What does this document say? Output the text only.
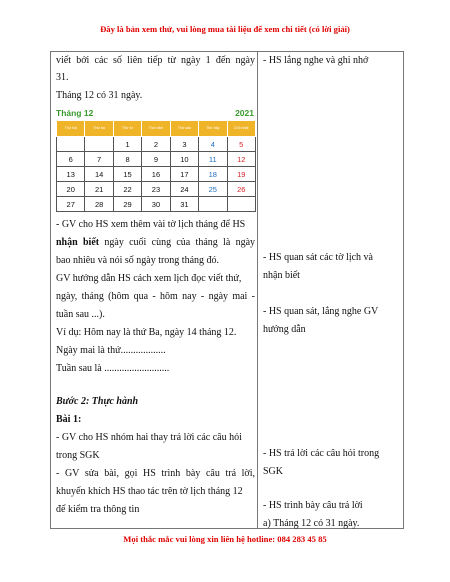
Đây là bản xem thử, vui lòng mua tài liệu để xem chi tiết (có lời giải)
viết bởi các số liên tiếp từ ngày 1 đến ngày
31.
Tháng 12 có 31 ngày.
Tháng 12	2021
Thứ hai	Thứ ba	Thứ tư	Thứ năm	Thứ sáu	Thứ bảy	Chủ nhật
		1	2	3	4	5
6	7	8	9	10	11	12
13	14	15	16	17	18	19
20	21	22	23	24	25	26
27	28	29	30	31		
- GV cho HS xem thêm vài tờ lịch tháng để HS
nhận biết ngày cuối cùng của tháng là ngày
bao nhiêu và nói số ngày trong tháng đó.
GV hướng dẫn HS cách xem lịch đọc viết thứ,
ngày, tháng (hôm qua - hôm nay - ngày mai -
tuần sau ...).
Ví dụ: Hôm nay là thứ Ba, ngày 14 tháng 12.
Ngày mai là thứ..................
Tuần sau là ..........................
Bước 2: Thực hành
Bài 1:
- GV cho HS nhóm hai thay trả lời các câu hỏi
trong SGK
- GV sửa bài, gọi HS trình bày câu trả lời,
khuyến khích HS thao tác trên tờ lịch tháng 12
để kiểm tra thông tin

- HS lắng nghe và ghi nhớ
- HS quan sát các tờ lịch và
nhận biết
- HS quan sát, lắng nghe GV
hướng dẫn
- HS trả lời các câu hỏi trong
SGK
- HS trình bày câu trả lời
a) Tháng 12 có 31 ngày.
Mọi thắc mắc vui lòng xin liên hệ hotline: 084 283 45 85
